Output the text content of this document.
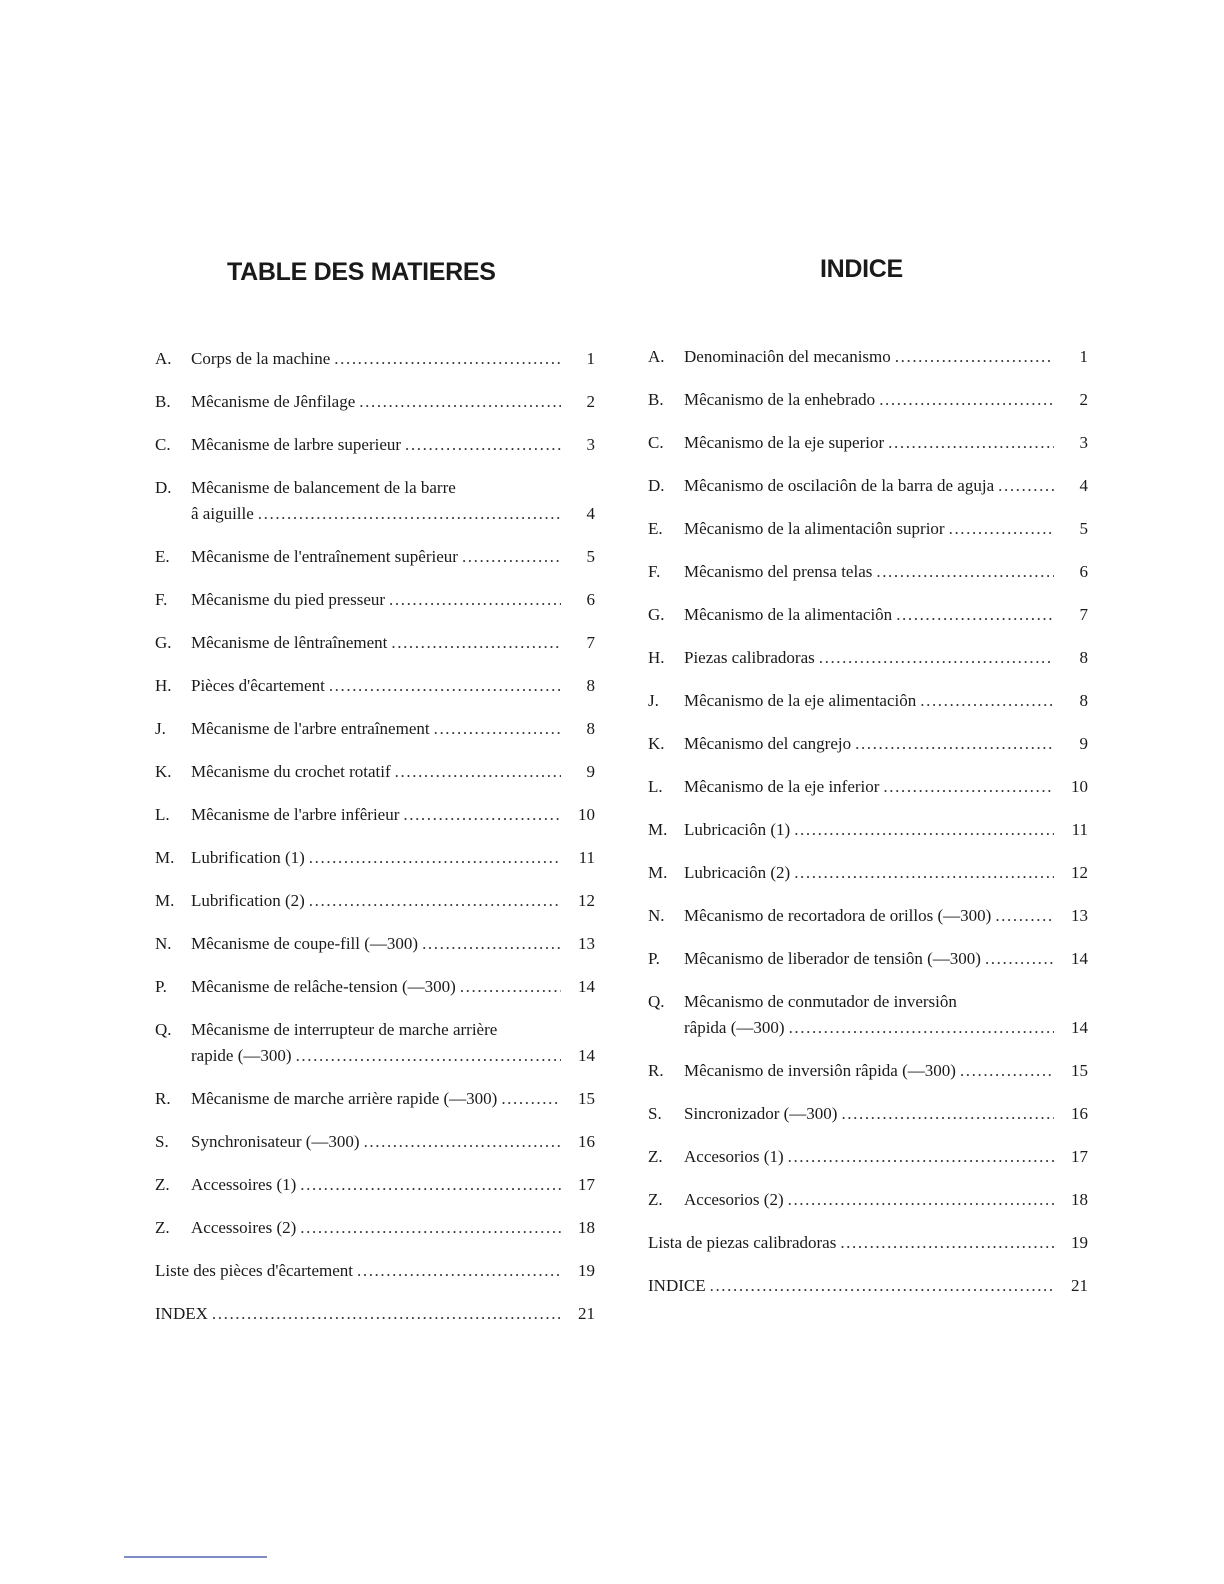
TABLE DES MATIERES
A.	Corps de la machine .....	1
B.	Mêcanisme de Jênfilage .....	2
C.	Mêcanisme de larbre superieur .....	3
D.	Mêcanisme de balancement de la barre
â aiguille .....	4
E.	Mêcanisme de l'entraînement supêrieur .....	5
F.	Mêcanisme du pied presseur .....	6
G.	Mêcanisme de lêntraînement .....	7
H.	Pièces d'êcartement .....	8
J.	Mêcanisme de l'arbre entraînement .....	8
K.	Mêcanisme du crochet rotatif .....	9
L.	Mêcanisme de l'arbre infêrieur .....	10
M. Lubrification (1) .....	11
M. Lubrification (2) .....	12
N.	Mêcanisme de coupe-fill (—300) .....	13
P.	Mêcanisme de relâche-tension (—300) .....	14
Q.	Mêcanisme de interrupteur de marche arrière
rapide (—300) .....	14
R.	Mêcanisme de marche arrière rapide (—300) .....	15
S.	Synchronisateur (—300) .....	16
Z.	Accessoires (1) .....	17
Z.	Accessoires (2) .....	18
Liste des pièces d'êcartement .....	19
INDEX .....	21
INDICE
A.	Denominaciôn del mecanismo .....	1
B.	Mêcanismo de la enhebrado .....	2
C.	Mêcanismo de la eje superior .....	3
D.	Mêcanismo de oscilaciôn de la barra de aguja .....	4
E.	Mêcanismo de la alimentaciôn suprior .....	5
F.	Mêcanismo del prensa telas .....	6
G.	Mêcanismo de la alimentaciôn .....	7
H.	Piezas calibradoras .....	8
J.	Mêcanismo de la eje alimentaciôn .....	8
K.	Mêcanismo del cangrejo .....	9
L.	Mêcanismo de la eje inferior .....	10
M. Lubricaciôn (1) .....	11
M. Lubricaciôn (2) .....	12
N.	Mêcanismo de recortadora de orillos (—300) .....	13
P.	Mêcanismo de liberador de tensiôn (—300) .....	14
Q.	Mêcanismo de conmutador de inversiôn
râpida (—300) .....	14
R.	Mêcanismo de inversiôn râpida (—300) .....	15
S.	Sincronizador (—300) .....	16
Z.	Accesorios (1) .....	17
Z.	Accesorios (2) .....	18
Lista de piezas calibradoras .....	19
INDICE .....	21
